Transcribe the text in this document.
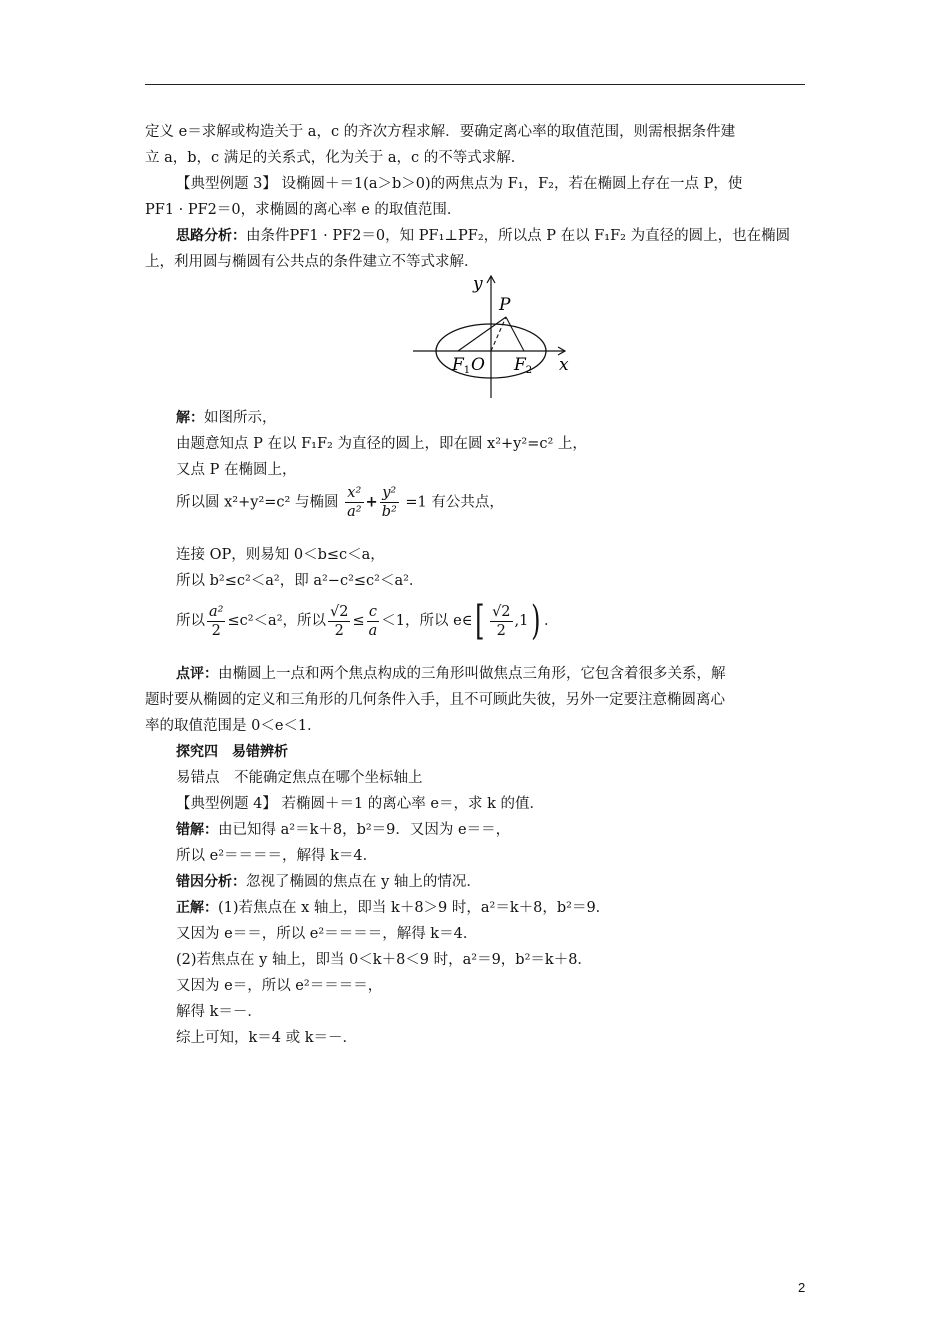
定义 e＝求解或构造关于 a，c 的齐次方程求解．要确定离心率的取值范围，则需根据条件建
立 a，b，c 满足的关系式，化为关于 a，c 的不等式求解．
【典型例题 3】 设椭圆＋＝1(a＞b＞0)的两焦点为 F₁，F₂，若在椭圆上存在一点 P，使
PF1 · PF2＝0，求椭圆的离心率 e 的取值范围．
思路分析：由条件PF1 · PF2＝0，知 PF₁⊥PF₂，所以点 P 在以 F₁F₂ 为直径的圆上，也在椭圆
上，利用圆与椭圆有公共点的条件建立不等式求解．
P
y
x
O
F1	F2
解：如图所示，
由题意知点 P 在以 F₁F₂ 为直径的圆上，即在圆 x²+y²=c² 上，
又点 P 在椭圆上，
所以圆 x²+y²=c² 与椭圆 $\frac{\text{x²}}{\text{a²}} + \frac{\text{y²}}{\text{b²}} =1$ 有公共点，
连接 OP，则易知 0＜b≤c＜a，
所以 b²≤c²＜a²，即 a²−c²≤c²＜a²．
所以 $\frac{\text{a²}}{2} \le c^2<a^2$，所以 $\frac{√2}{2} \le \frac{c}{a} <1$，所以 e∈[ $\frac{√2}{2} ,1$) ．
点评：由椭圆上一点和两个焦点构成的三角形叫做焦点三角形，它包含着很多关系，解
题时要从椭圆的定义和三角形的几何条件入手，且不可顾此失彼，另外一定要注意椭圆离心
率的取值范围是 0＜e＜1．
探究四　易错辨析
易错点　不能确定焦点在哪个坐标轴上
【典型例题 4】 若椭圆＋＝1 的离心率 e＝，求 k 的值．
错解：由已知得 a²＝k＋8，b²＝9．又因为 e＝＝，
所以 e²＝＝＝＝，解得 k＝4．
错因分析：忽视了椭圆的焦点在 y 轴上的情况．
正解：(1)若焦点在 x 轴上，即当 k＋8＞9 时，a²＝k＋8，b²＝9．
又因为 e＝＝，所以 e²＝＝＝＝，解得 k＝4．
(2)若焦点在 y 轴上，即当 0＜k＋8＜9 时，a²＝9，b²＝k＋8．
又因为 e＝，所以 e²＝＝＝＝，
解得 k＝－．
综上可知，k＝4 或 k＝－．
2
